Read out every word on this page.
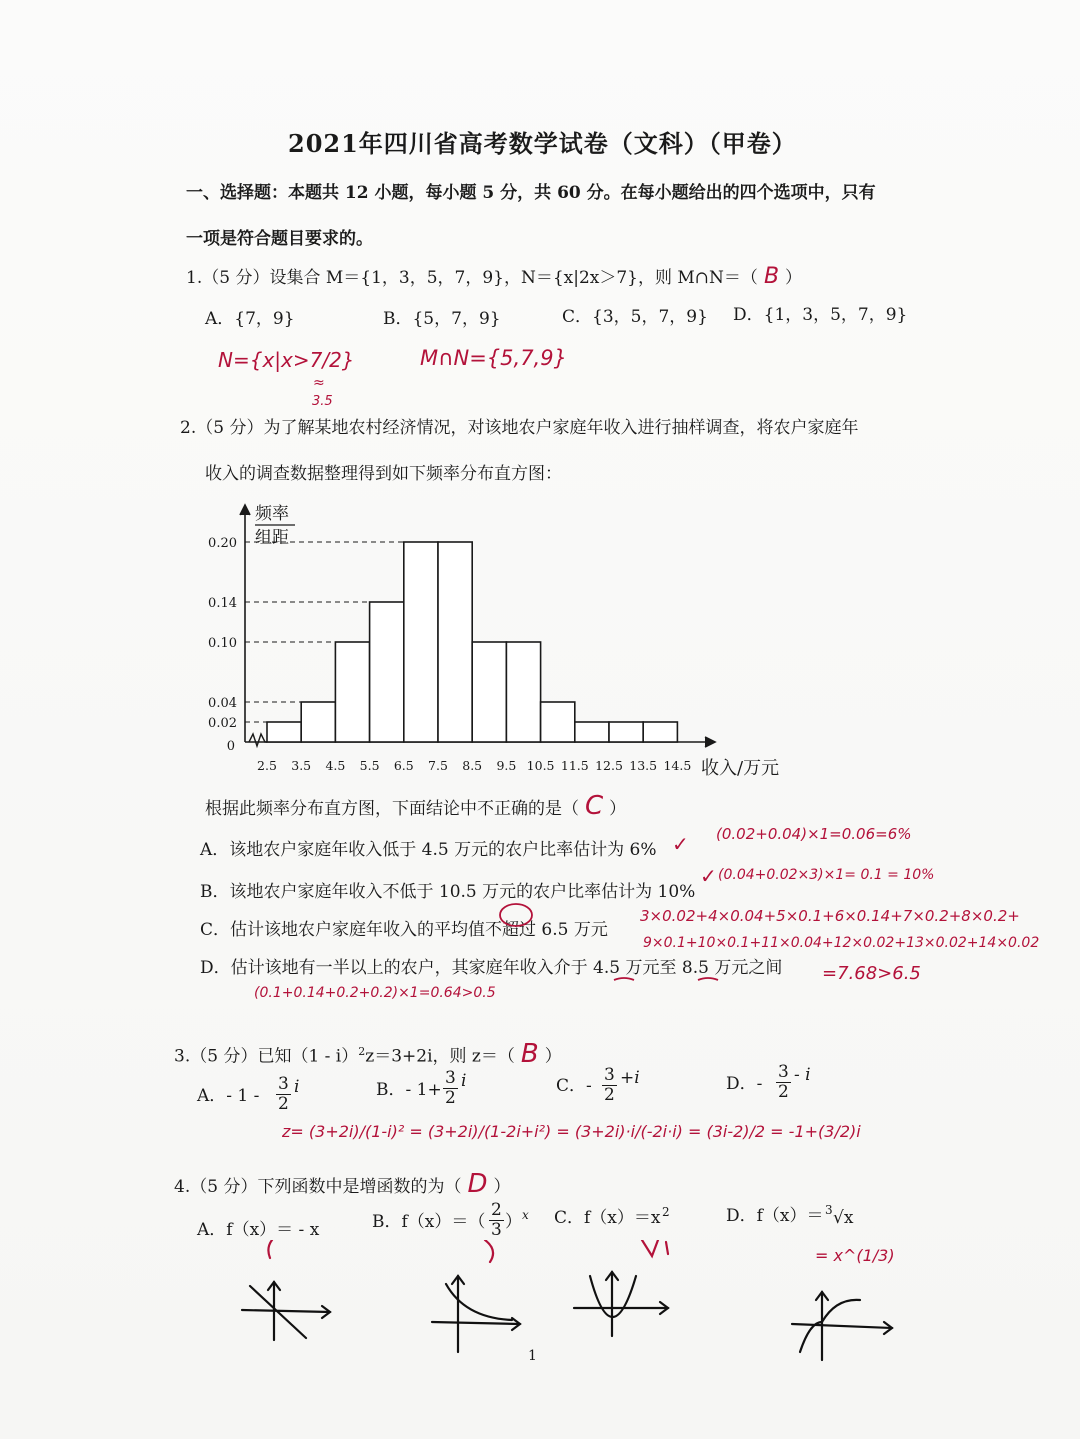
2021年四川省高考数学试卷（文科）（甲卷）
一、选择题：本题共 12 小题，每小题 5 分，共 60 分。在每小题给出的四个选项中，只有
一项是符合题目要求的。
1.（5 分）设集合 M＝{1，3，5，7，9}，N＝{x|2x＞7}，则 M∩N＝（ B ）
A．{7，9}	B．{5，7，9}	C．{3，5，7，9} D．{1，3，5，7，9}
N={x|x>7/2}
≈
3.5
M∩N={5,7,9}
2.（5 分）为了解某地农村经济情况，对该地农户家庭年收入进行抽样调查，将农户家庭年
收入的调查数据整理得到如下频率分布直方图：
0.02
0.04
0.10
0.14
0.20
0
2.5 3.5 4.5 5.5 6.5 7.5 8.5 9.5 10.5 11.5 12.5 13.5 14.5 收入/万元
频率
组距
根据此频率分布直方图，下面结论中不正确的是（ C ）
A．该地农户家庭年收入低于 4.5 万元的农户比率估计为 6% ✓ (0.02+0.04)×1=0.06=6%
B．该地农户家庭年收入不低于 10.5 万元的农户比率估计为 10%
✓ (0.04+0.02×3)×1= 0.1 = 10%
C．估计该地农户家庭年收入的平均值不超过 6.5 万元
3×0.02+4×0.04+5×0.1+6×0.14+7×0.2+8×0.2+
9×0.1+10×0.1+11×0.04+12×0.02+13×0.02+14×0.02
=7.68>6.5
D．估计该地有一半以上的农户，其家庭年收入介于 4.5 万元至 8.5 万元之间
(0.1+0.14+0.2+0.2)×1=0.64>0.5
3.（5 分）已知（1 - i）$^2$z＝3+2i，则 z＝（ B ）
A．- $1 - \frac{3}{2}$ i	B．- $1+ \frac{3}{2}$ i	C．- $\frac{3}{2} +i$	D．- $\frac{3}{2}$ - i
z= (3+2i)/(1-i)² = (3+2i)/(1-2i+i²) = (3+2i)·i/(-2i·i) = (3i-2)/2 = -1+(3/2)i
4.（5 分）下列函数中是增函数的为（ D ）
A．f（x）＝ - x	B．$f(x)=( \frac{2}{3}$ ） x C．f（x）＝x 2	D．f（x）＝ 3 √x
= x^(1/3)
1
